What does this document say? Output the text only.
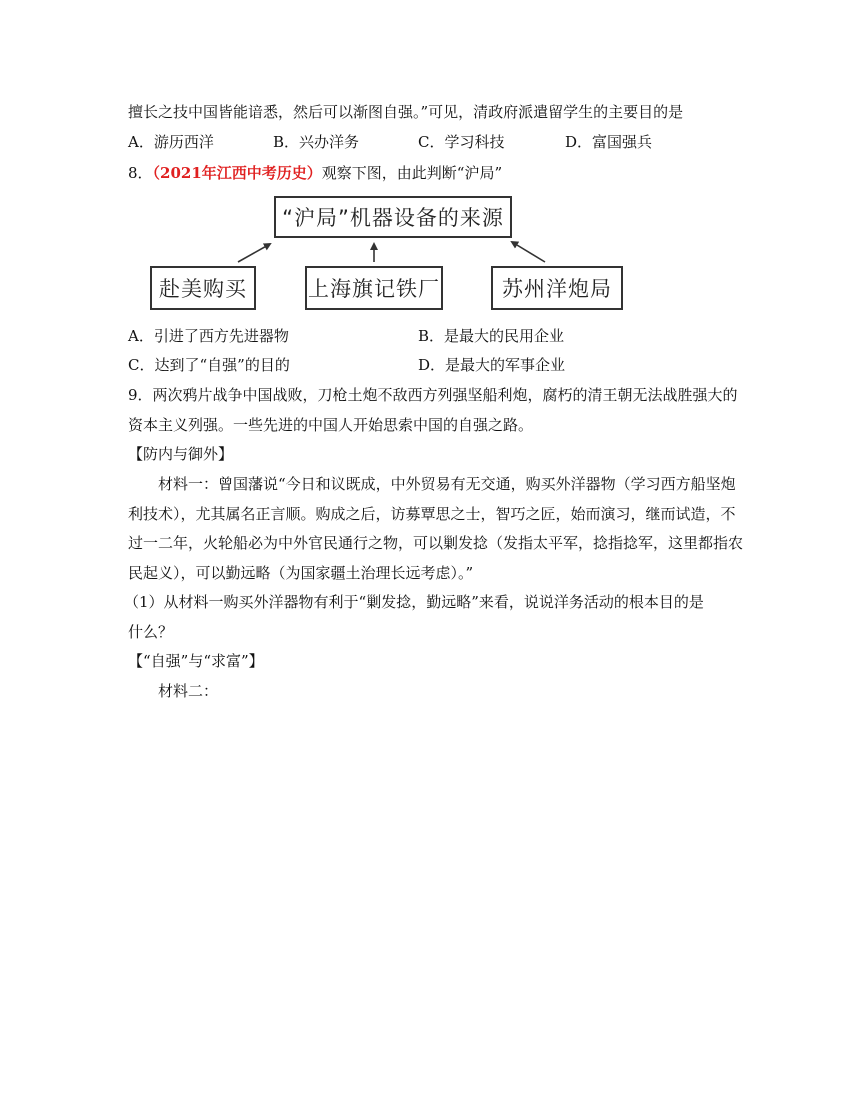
擅长之技中国皆能谙悉，然后可以渐图自强。”可见，清政府派遣留学生的主要目的是
A．游历西洋	B．兴办洋务	C．学习科技	D．富国强兵
8．（2021年江西中考历史）观察下图，由此判断“沪局”
“沪局”机器设备的来源
赴美购买	上海旗记铁厂	苏州洋炮局
A．引进了西方先进器物	B．是最大的民用企业
C．达到了“自强”的目的	D．是最大的军事企业
9．两次鸦片战争中国战败，刀枪土炮不敌西方列强坚船利炮，腐朽的清王朝无法战胜强大的
资本主义列强。一些先进的中国人开始思索中国的自强之路。
【防内与御外】
材料一：曾国藩说“今日和议既成，中外贸易有无交通，购买外洋器物（学习西方船坚炮
利技术），尤其属名正言顺。购成之后，访募覃思之士，智巧之匠，始而演习，继而试造，不
过一二年，火轮船必为中外官民通行之物，可以剿发捻（发指太平军，捻指捻军，这里都指农
民起义），可以勤远略（为国家疆土治理长远考虑）。”
（1）从材料一购买外洋器物有利于“剿发捻，勤远略”来看，说说洋务活动的根本目的是
什么？
【“自强”与“求富”】
材料二：
